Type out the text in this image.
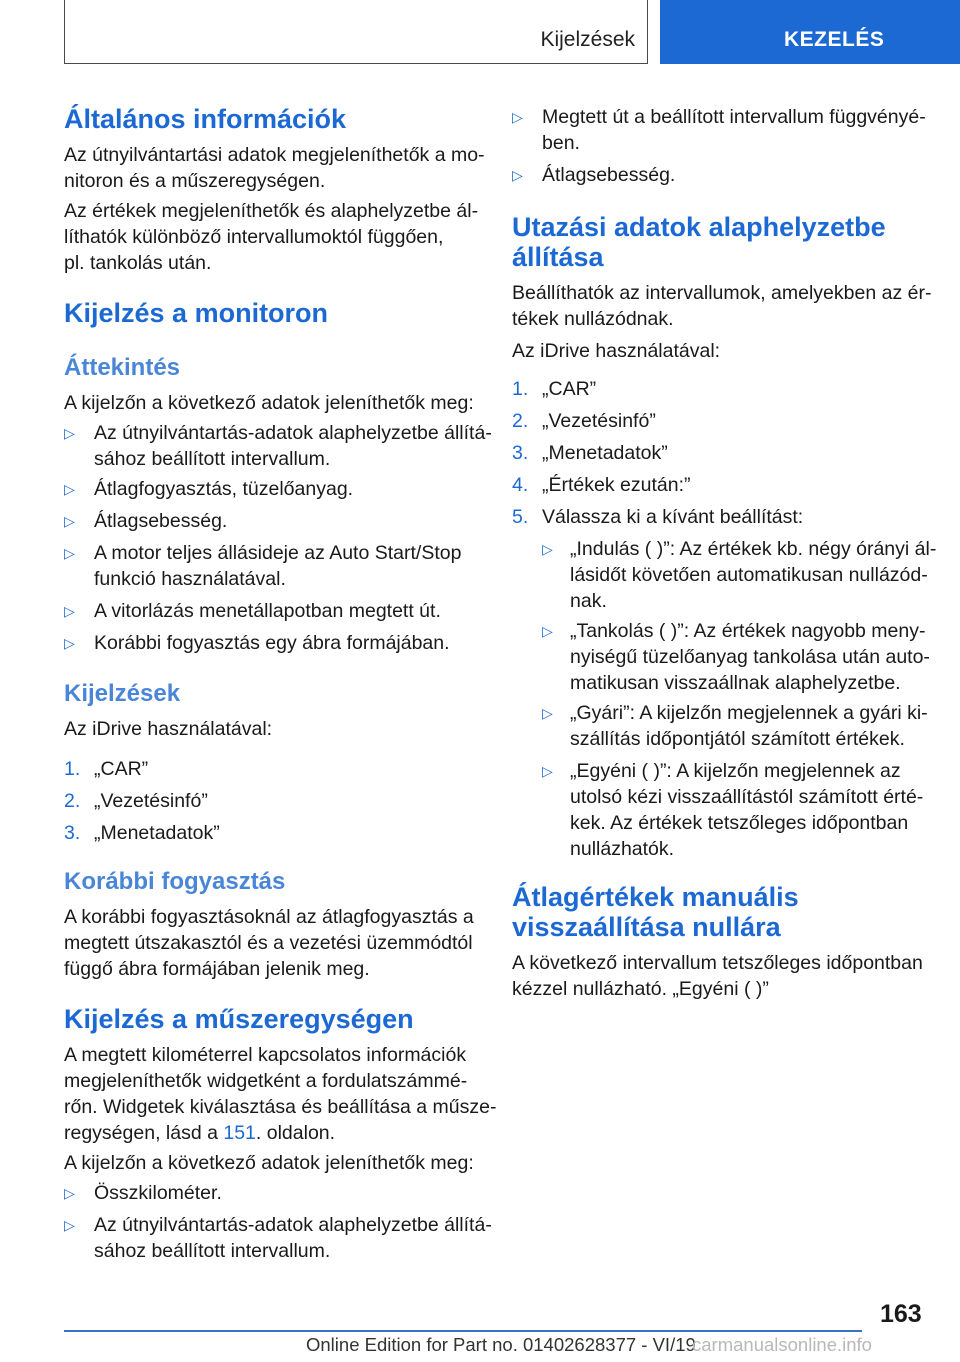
Kijelzések	KEZELÉS
Általános információk
Az útnyilvántartási adatok megjeleníthetők a mo-
nitoron és a műszeregységen.
Az értékek megjeleníthetők és alaphelyzetbe ál-
líthatók különböző intervallumoktól függően,
pl. tankolás után.
Kijelzés a monitoron
Áttekintés
A kijelzőn a következő adatok jeleníthetők meg:
▷ Az útnyilvántartás-adatok alaphelyzetbe állítá-
sához beállított intervallum.
▷ Átlagfogyasztás, tüzelőanyag.
▷ Átlagsebesség.
▷ A motor teljes állásideje az Auto Start/Stop
funkció használatával.
▷ A vitorlázás menetállapotban megtett út.
▷ Korábbi fogyasztás egy ábra formájában.
Kijelzések
Az iDrive használatával:
1. „CAR”
2. „Vezetésinfó”
3. „Menetadatok”
Korábbi fogyasztás
A korábbi fogyasztásoknál az átlagfogyasztás a
megtett útszakasztól és a vezetési üzemmódtól
függő ábra formájában jelenik meg.
Kijelzés a műszeregységen
A megtett kilométerrel kapcsolatos információk
megjeleníthetők widgetként a fordulatszámmé-
rőn. Widgetek kiválasztása és beállítása a műsze-
regységen, lásd a 151. oldalon.
A kijelzőn a következő adatok jeleníthetők meg:
▷ Összkilométer.
▷ Az útnyilvántartás-adatok alaphelyzetbe állítá-
sához beállított intervallum.
▷ Megtett út a beállított intervallum függvényé-
ben.
▷ Átlagsebesség.
Utazási adatok alaphelyzetbe
állítása
Beállíthatók az intervallumok, amelyekben az ér-
tékek nullázódnak.
Az iDrive használatával:
1. „CAR”
2. „Vezetésinfó”
3. „Menetadatok”
4. „Értékek ezután:”
5. Válassza ki a kívánt beállítást:
▷ „Indulás ( )”: Az értékek kb. négy órányi ál-
lásidőt követően automatikusan nullázód-
nak.
▷ „Tankolás ( )”: Az értékek nagyobb meny-
nyiségű tüzelőanyag tankolása után auto-
matikusan visszaállnak alaphelyzetbe.
▷ „Gyári”: A kijelzőn megjelennek a gyári ki-
szállítás időpontjától számított értékek.
▷ „Egyéni ( )”: A kijelzőn megjelennek az
utolsó kézi visszaállítástól számított érté-
kek. Az értékek tetszőleges időpontban
nullázhatók.
Átlagértékek manuális
visszaállítása nullára
A következő intervallum tetszőleges időpontban
kézzel nullázható. „Egyéni ( )”
163
Online Edition for Part no. 01402628377 - VI/19
carmanualsonline.info
